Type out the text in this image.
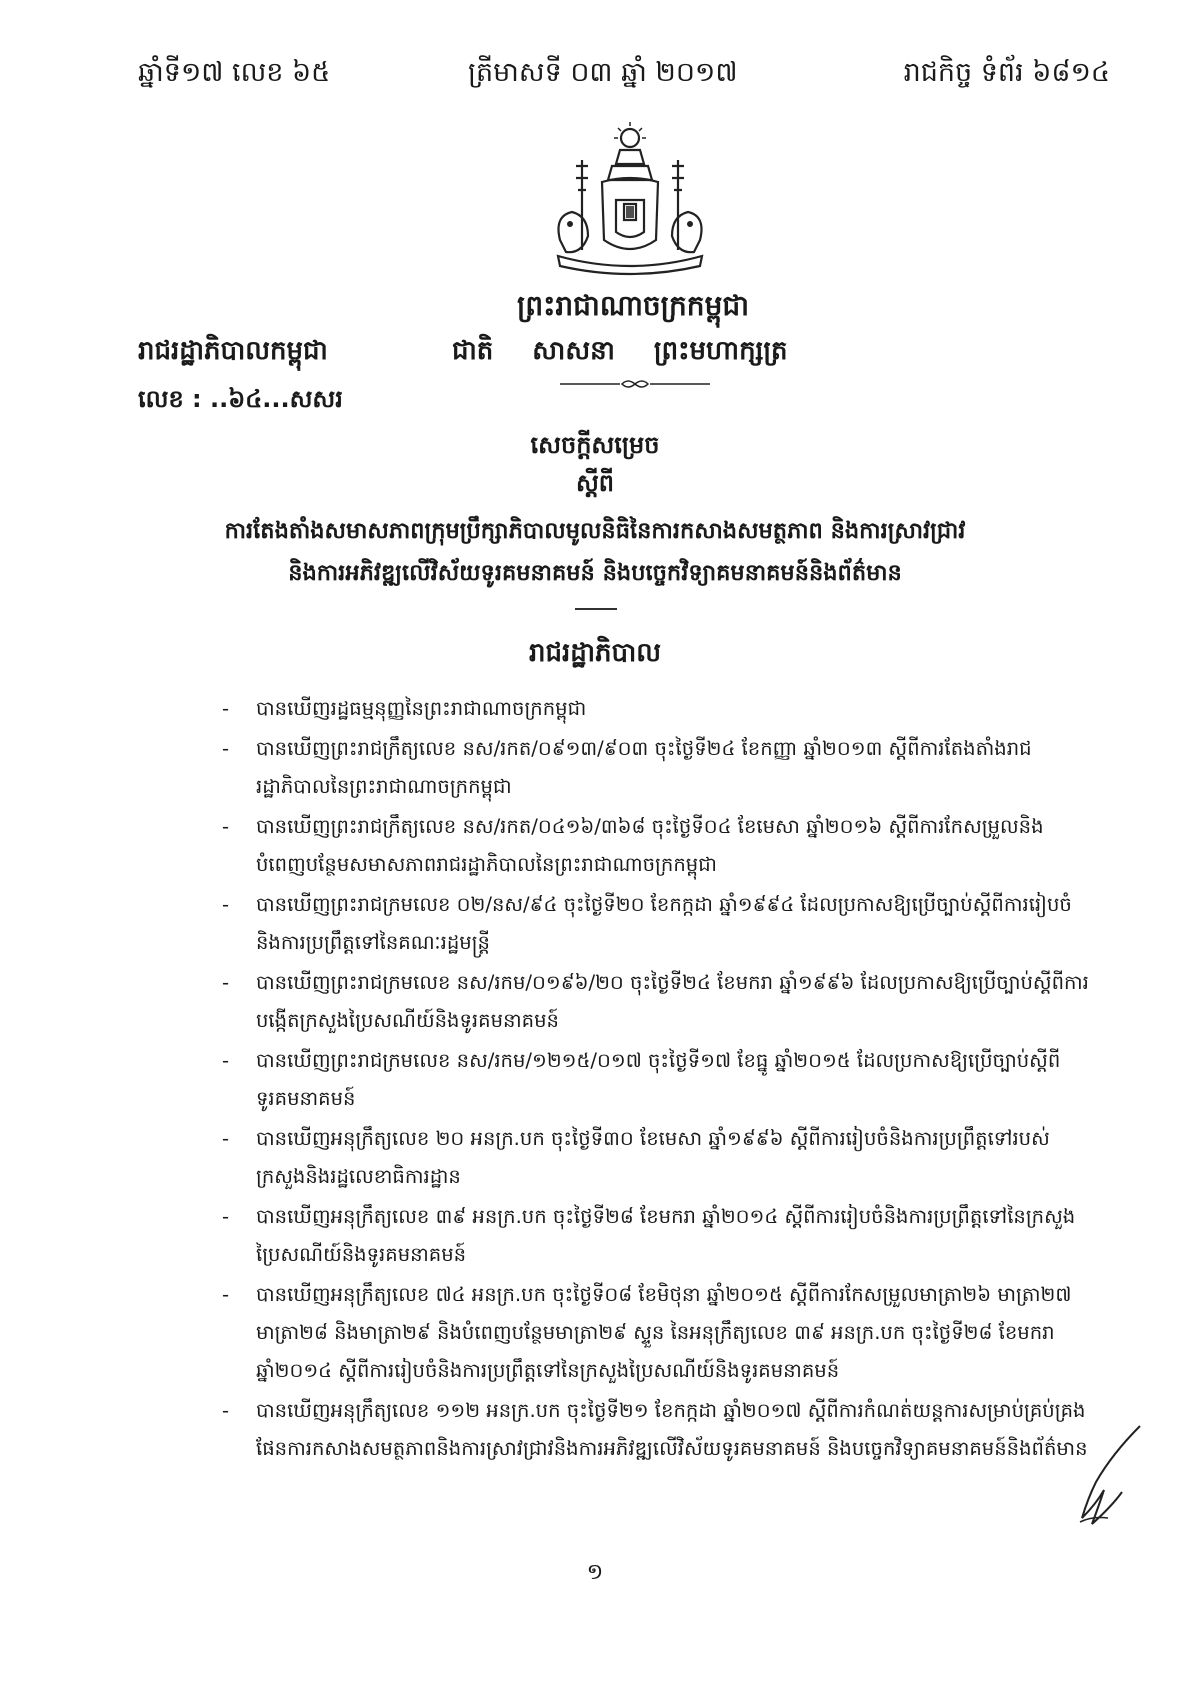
ឆ្នាំទី១៧ លេខ ៦៥	ត្រីមាសទី ០៣ ឆ្នាំ ២០១៧	រាជកិច្ច ទំព័រ ៦៨១៤
ព្រះរាជាណាចក្រកម្ពុជា
រាជរដ្ឋាភិបាលកម្ពុជា	ជាតិ សាសនា ព្រះមហាក្សត្រ
លេខ : ..៦៤...សសរ
សេចក្តីសម្រេច
ស្តីពី
ការតែងតាំងសមាសភាពក្រុមប្រឹក្សាភិបាលមូលនិធិនៃការកសាងសមត្ថភាព និងការស្រាវជ្រាវ
និងការអភិវឌ្ឍលើវិស័យទូរគមនាគមន៍ និងបច្ចេកវិទ្យាគមនាគមន៍និងព័ត៌មាន
រាជរដ្ឋាភិបាល
- បានឃើញរដ្ឋធម្មនុញ្ញនៃព្រះរាជាណាចក្រកម្ពុជា
- បានឃើញព្រះរាជក្រឹត្យលេខ នស/រកត/០៩១៣/៩០៣ ចុះថ្ងៃទី២៤ ខែកញ្ញា ឆ្នាំ២០១៣ ស្តីពីការតែងតាំងរាជរដ្ឋាភិបាលនៃព្រះរាជាណាចក្រកម្ពុជា
- បានឃើញព្រះរាជក្រឹត្យលេខ នស/រកត/០៤១៦/៣៦៨ ចុះថ្ងៃទី០៤ ខែមេសា ឆ្នាំ២០១៦ ស្តីពីការកែសម្រួលនិងបំពេញបន្ថែមសមាសភាពរាជរដ្ឋាភិបាលនៃព្រះរាជាណាចក្រកម្ពុជា
- បានឃើញព្រះរាជក្រមលេខ ០២/នស/៩៤ ចុះថ្ងៃទី២០ ខែកក្កដា ឆ្នាំ១៩៩៤ ដែលប្រកាសឱ្យប្រើច្បាប់ស្តីពីការរៀបចំនិងការប្រព្រឹត្តទៅនៃគណៈរដ្ឋមន្ត្រី
- បានឃើញព្រះរាជក្រមលេខ នស/រកម/០១៩៦/២០ ចុះថ្ងៃទី២៤ ខែមករា ឆ្នាំ១៩៩៦ ដែលប្រកាសឱ្យប្រើច្បាប់ស្តីពីការបង្កើតក្រសួងប្រៃសណីយ៍និងទូរគមនាគមន៍
- បានឃើញព្រះរាជក្រមលេខ នស/រកម/១២១៥/០១៧ ចុះថ្ងៃទី១៧ ខែធ្នូ ឆ្នាំ២០១៥ ដែលប្រកាសឱ្យប្រើច្បាប់ស្តីពីទូរគមនាគមន៍
- បានឃើញអនុក្រឹត្យលេខ ២០ អនក្រ.បក ចុះថ្ងៃទី៣០ ខែមេសា ឆ្នាំ១៩៩៦ ស្តីពីការរៀបចំនិងការប្រព្រឹត្តទៅរបស់ក្រសួងនិងរដ្ឋលេខាធិការដ្ឋាន
- បានឃើញអនុក្រឹត្យលេខ ៣៩ អនក្រ.បក ចុះថ្ងៃទី២៨ ខែមករា ឆ្នាំ២០១៤ ស្តីពីការរៀបចំនិងការប្រព្រឹត្តទៅនៃក្រសួងប្រៃសណីយ៍និងទូរគមនាគមន៍
- បានឃើញអនុក្រឹត្យលេខ ៧៤ អនក្រ.បក ចុះថ្ងៃទី០៨ ខែមិថុនា ឆ្នាំ២០១៥ ស្តីពីការកែសម្រួលមាត្រា២៦ មាត្រា២៧ មាត្រា២៨ និងមាត្រា២៩ និងបំពេញបន្ថែមមាត្រា២៩ ស្ទួន នៃអនុក្រឹត្យលេខ ៣៩ អនក្រ.បក ចុះថ្ងៃទី២៨ ខែមករា ឆ្នាំ២០១៤ ស្តីពីការរៀបចំនិងការប្រព្រឹត្តទៅនៃក្រសួងប្រៃសណីយ៍និងទូរគមនាគមន៍
- បានឃើញអនុក្រឹត្យលេខ ១១២ អនក្រ.បក ចុះថ្ងៃទី២១ ខែកក្កដា ឆ្នាំ២០១៧ ស្តីពីការកំណត់យន្តការសម្រាប់គ្រប់គ្រងផែនការកសាងសមត្ថភាពនិងការស្រាវជ្រាវនិងការអភិវឌ្ឍលើវិស័យទូរគមនាគមន៍ និងបច្ចេកវិទ្យាគមនាគមន៍និងព័ត៌មាន
១
